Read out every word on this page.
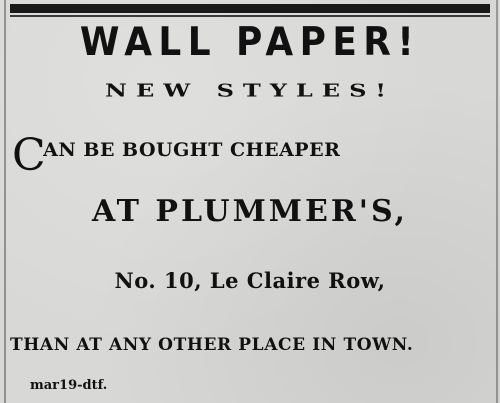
WALL PAPER!
NEW STYLES!
CAN BE BOUGHT CHEAPER
AT PLUMMER'S,
No. 10, Le Claire Row,
THAN AT ANY OTHER PLACE IN TOWN.
mar19-dtf.
